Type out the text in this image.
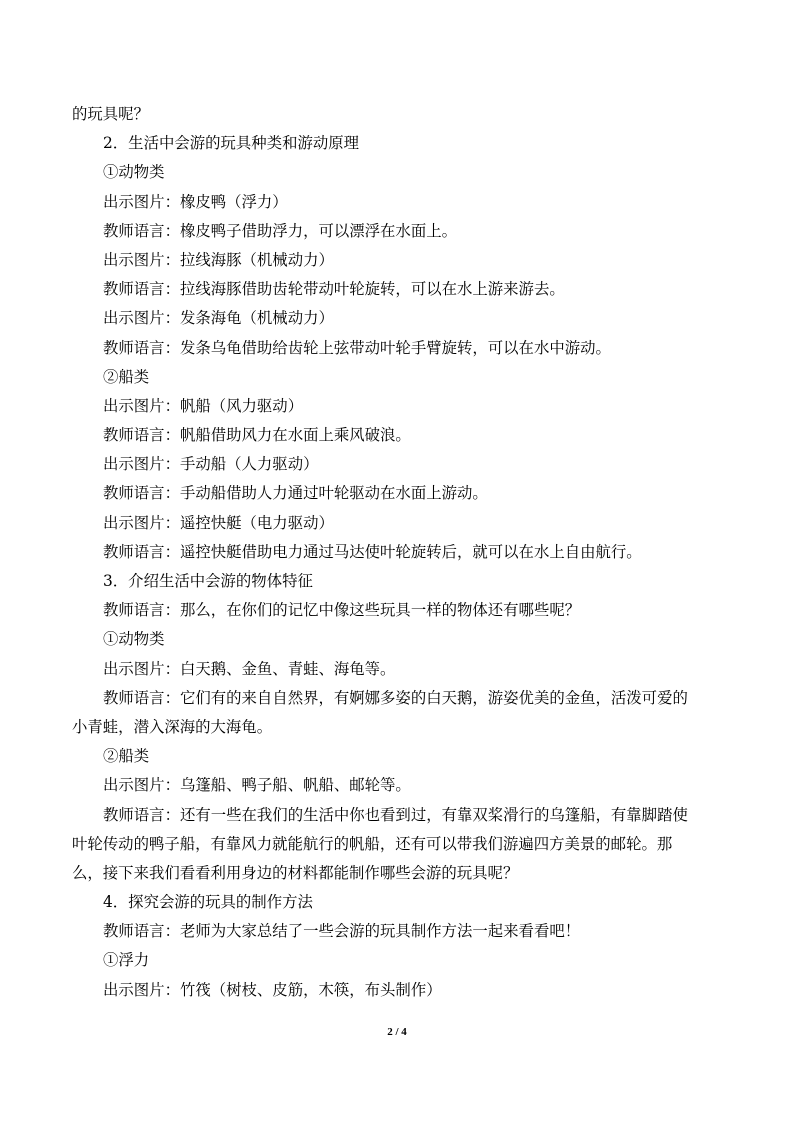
的玩具呢？
2．生活中会游的玩具种类和游动原理
①动物类
出示图片：橡皮鸭（浮力）
教师语言：橡皮鸭子借助浮力，可以漂浮在水面上。
出示图片：拉线海豚（机械动力）
教师语言：拉线海豚借助齿轮带动叶轮旋转，可以在水上游来游去。
出示图片：发条海龟（机械动力）
教师语言：发条乌龟借助给齿轮上弦带动叶轮手臂旋转，可以在水中游动。
②船类
出示图片：帆船（风力驱动）
教师语言：帆船借助风力在水面上乘风破浪。
出示图片：手动船（人力驱动）
教师语言：手动船借助人力通过叶轮驱动在水面上游动。
出示图片：遥控快艇（电力驱动）
教师语言：遥控快艇借助电力通过马达使叶轮旋转后，就可以在水上自由航行。
3．介绍生活中会游的物体特征
教师语言：那么，在你们的记忆中像这些玩具一样的物体还有哪些呢？
①动物类
出示图片：白天鹅、金鱼、青蛙、海龟等。
教师语言：它们有的来自自然界，有婀娜多姿的白天鹅，游姿优美的金鱼，活泼可爱的
小青蛙，潜入深海的大海龟。
②船类
出示图片：乌篷船、鸭子船、帆船、邮轮等。
教师语言：还有一些在我们的生活中你也看到过，有靠双桨滑行的乌篷船，有靠脚踏使
叶轮传动的鸭子船，有靠风力就能航行的帆船，还有可以带我们游遍四方美景的邮轮。那
么，接下来我们看看利用身边的材料都能制作哪些会游的玩具呢？
4．探究会游的玩具的制作方法
教师语言：老师为大家总结了一些会游的玩具制作方法一起来看看吧！
①浮力
出示图片：竹筏（树枝、皮筋，木筷，布头制作）
2 / 4
